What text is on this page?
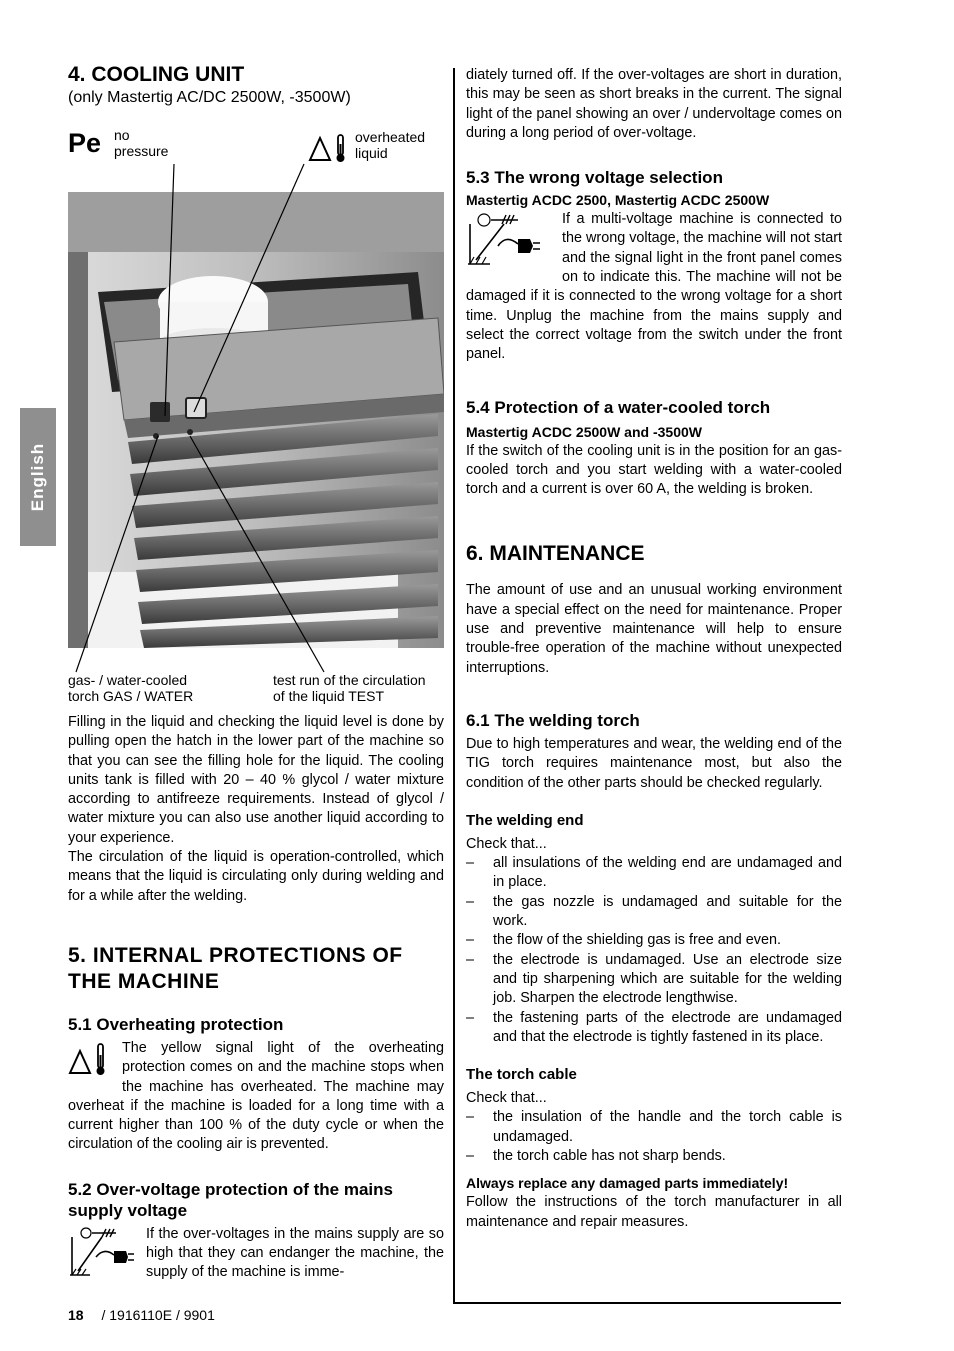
English
4. COOLING UNIT
(only Mastertig AC/DC 2500W, -3500W)
Pe no
pressure
overheated
liquid
gas- / water-cooled
torch GAS / WATER
test run of the circulation
of the liquid TEST

Filling in the liquid and checking the liquid level is done by pulling open the hatch in the lower part of the machine so that you can see the filling hole for the liquid. The cooling units tank is filled with 20 – 40 % glycol / water mixture according to antifreeze requirements. Instead of glycol / water mixture you can also use another liquid according to your experience.

The circulation of the liquid is operation-controlled, which means that the liquid is circulating only during welding and for a while after the welding.

5. INTERNAL PROTECTIONS OF
THE MACHINE
5.1 Overheating protection

The yellow signal light of the overheating protection comes on and the machine stops when the machine has overheated. The machine may overheat if the machine is loaded for a long time with a current higher than 100 % of the duty cycle or when the circulation of the cooling air is prevented.

5.2 Over-voltage protection of the mains supply voltage

If the over-voltages in the mains supply are so high that they can endanger the machine, the supply of the machine is imme-

diately turned off. If the over-voltages are short in duration, this may be seen as short breaks in the current. The signal light of the panel showing an over / undervoltage comes on during a long period of over-voltage.

5.3 The wrong voltage selection
Mastertig ACDC 2500, Mastertig ACDC 2500W

If a multi-voltage machine is connected to the wrong voltage, the machine will not start and the signal light in the front panel comes on to indicate this. The machine will not be damaged if it is connected to the wrong voltage for a short time. Unplug the machine from the mains supply and select the correct voltage from the switch under the front panel.

5.4 Protection of a water-cooled torch
Mastertig ACDC 2500W and -3500W

If the switch of the cooling unit is in the position for an gas-cooled torch and you start welding with a water-cooled torch and a current is over 60 A, the welding is broken.

6. MAINTENANCE

The amount of use and an unusual working environment have a special effect on the need for maintenance. Proper use and preventive maintenance will help to ensure trouble-free operation of the machine without unexpected interruptions.

6.1 The welding torch

Due to high temperatures and wear, the welding end of the TIG torch requires maintenance most, but also the condition of the other parts should be checked regularly.

The welding end

Check that...

– all insulations of the welding end are undamaged and in place.
– the gas nozzle is undamaged and suitable for the work.
– the flow of the shielding gas is free and even.
– the electrode is undamaged. Use an electrode size and tip sharpening which are suitable for the welding job. Sharpen the electrode lengthwise.
– the fastening parts of the electrode are undamaged and that the electrode is tightly fastened in its place.
The torch cable

Check that...

– the insulation of the handle and the torch cable is undamaged.
– the torch cable has not sharp bends.
Always replace any damaged parts immediately!

Follow the instructions of the torch manufacturer in all maintenance and repair measures.

18 / 1916110E / 9901
